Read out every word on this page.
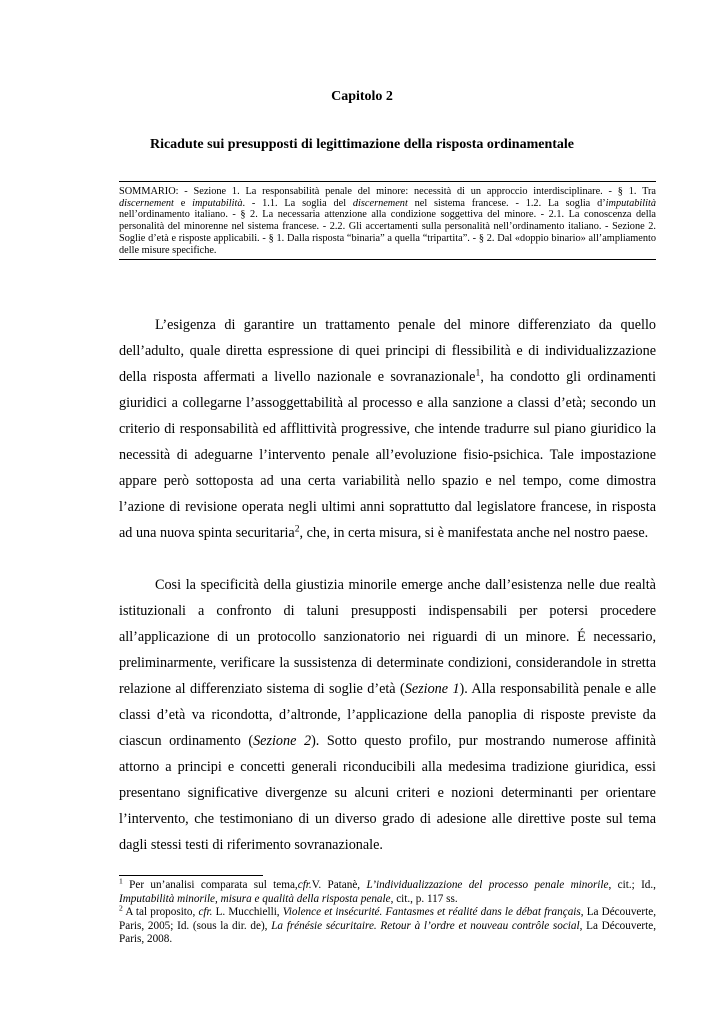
Capitolo 2
Ricadute sui presupposti di legittimazione della risposta ordinamentale
SOMMARIO: - Sezione 1. La responsabilità penale del minore: necessità di un approccio interdisciplinare. - § 1. Tra discernement e imputabilità. - 1.1. La soglia del discernement nel sistema francese. - 1.2. La soglia d’imputabilità nell’ordinamento italiano. - § 2. La necessaria attenzione alla condizione soggettiva del minore. - 2.1. La conoscenza della personalità del minorenne nel sistema francese. - 2.2. Gli accertamenti sulla personalità nell’ordinamento italiano. - Sezione 2. Soglie d’età e risposte applicabili. - § 1. Dalla risposta “binaria” a quella “tripartita”. - § 2. Dal «doppio binario» all’ampliamento delle misure specifiche.

L’esigenza di garantire un trattamento penale del minore differenziato da quello dell’adulto, quale diretta espressione di quei principi di flessibilità e di individualizzazione della risposta affermati a livello nazionale e sovranazionale$^1$, ha condotto gli ordinamenti giuridici a collegarne l’assoggettabilità al processo e alla sanzione a classi d’età; secondo un criterio di responsabilità ed afflittività progressive, che intende tradurre sul piano giuridico la necessità di adeguarne l’intervento penale all’evoluzione fisio-psichica. Tale impostazione appare però sottoposta ad una certa variabilità nello spazio e nel tempo, come dimostra l’azione di revisione operata negli ultimi anni soprattutto dal legislatore francese, in risposta ad una nuova spinta securitaria$^2$, che, in certa misura, si è manifestata anche nel nostro paese.

Cosi la specificità della giustizia minorile emerge anche dall’esistenza nelle due realtà istituzionali a confronto di taluni presupposti indispensabili per potersi procedere all’applicazione di un protocollo sanzionatorio nei riguardi di un minore. É necessario, preliminarmente, verificare la sussistenza di determinate condizioni, considerandole in stretta relazione al differenziato sistema di soglie d’età (Sezione 1). Alla responsabilità penale e alle classi d’età va ricondotta, d’altronde, l’applicazione della panoplia di risposte previste da ciascun ordinamento (Sezione 2). Sotto questo profilo, pur mostrando numerose affinità attorno a principi e concetti generali riconducibili alla medesima tradizione giuridica, essi presentano significative divergenze su alcuni criteri e nozioni determinanti per orientare l’intervento, che testimoniano di un diverso grado di adesione alle direttive poste sul tema dagli stessi testi di riferimento sovranazionale.

$^1$ Per un’analisi comparata sul tema,cfr.V. Patanè, L’individualizzazione del processo penale minorile, cit.; Id., Imputabilità minorile, misura e qualità della risposta penale, cit., p. 117 ss.

$^2$ A tal proposito, cfr. L. Mucchielli, Violence et insécurité. Fantasmes et réalité dans le débat français, La Découverte, Paris, 2005; Id. (sous la dir. de), La frénésie sécuritaire. Retour à l’ordre et nouveau contrôle social, La Découverte, Paris, 2008.
